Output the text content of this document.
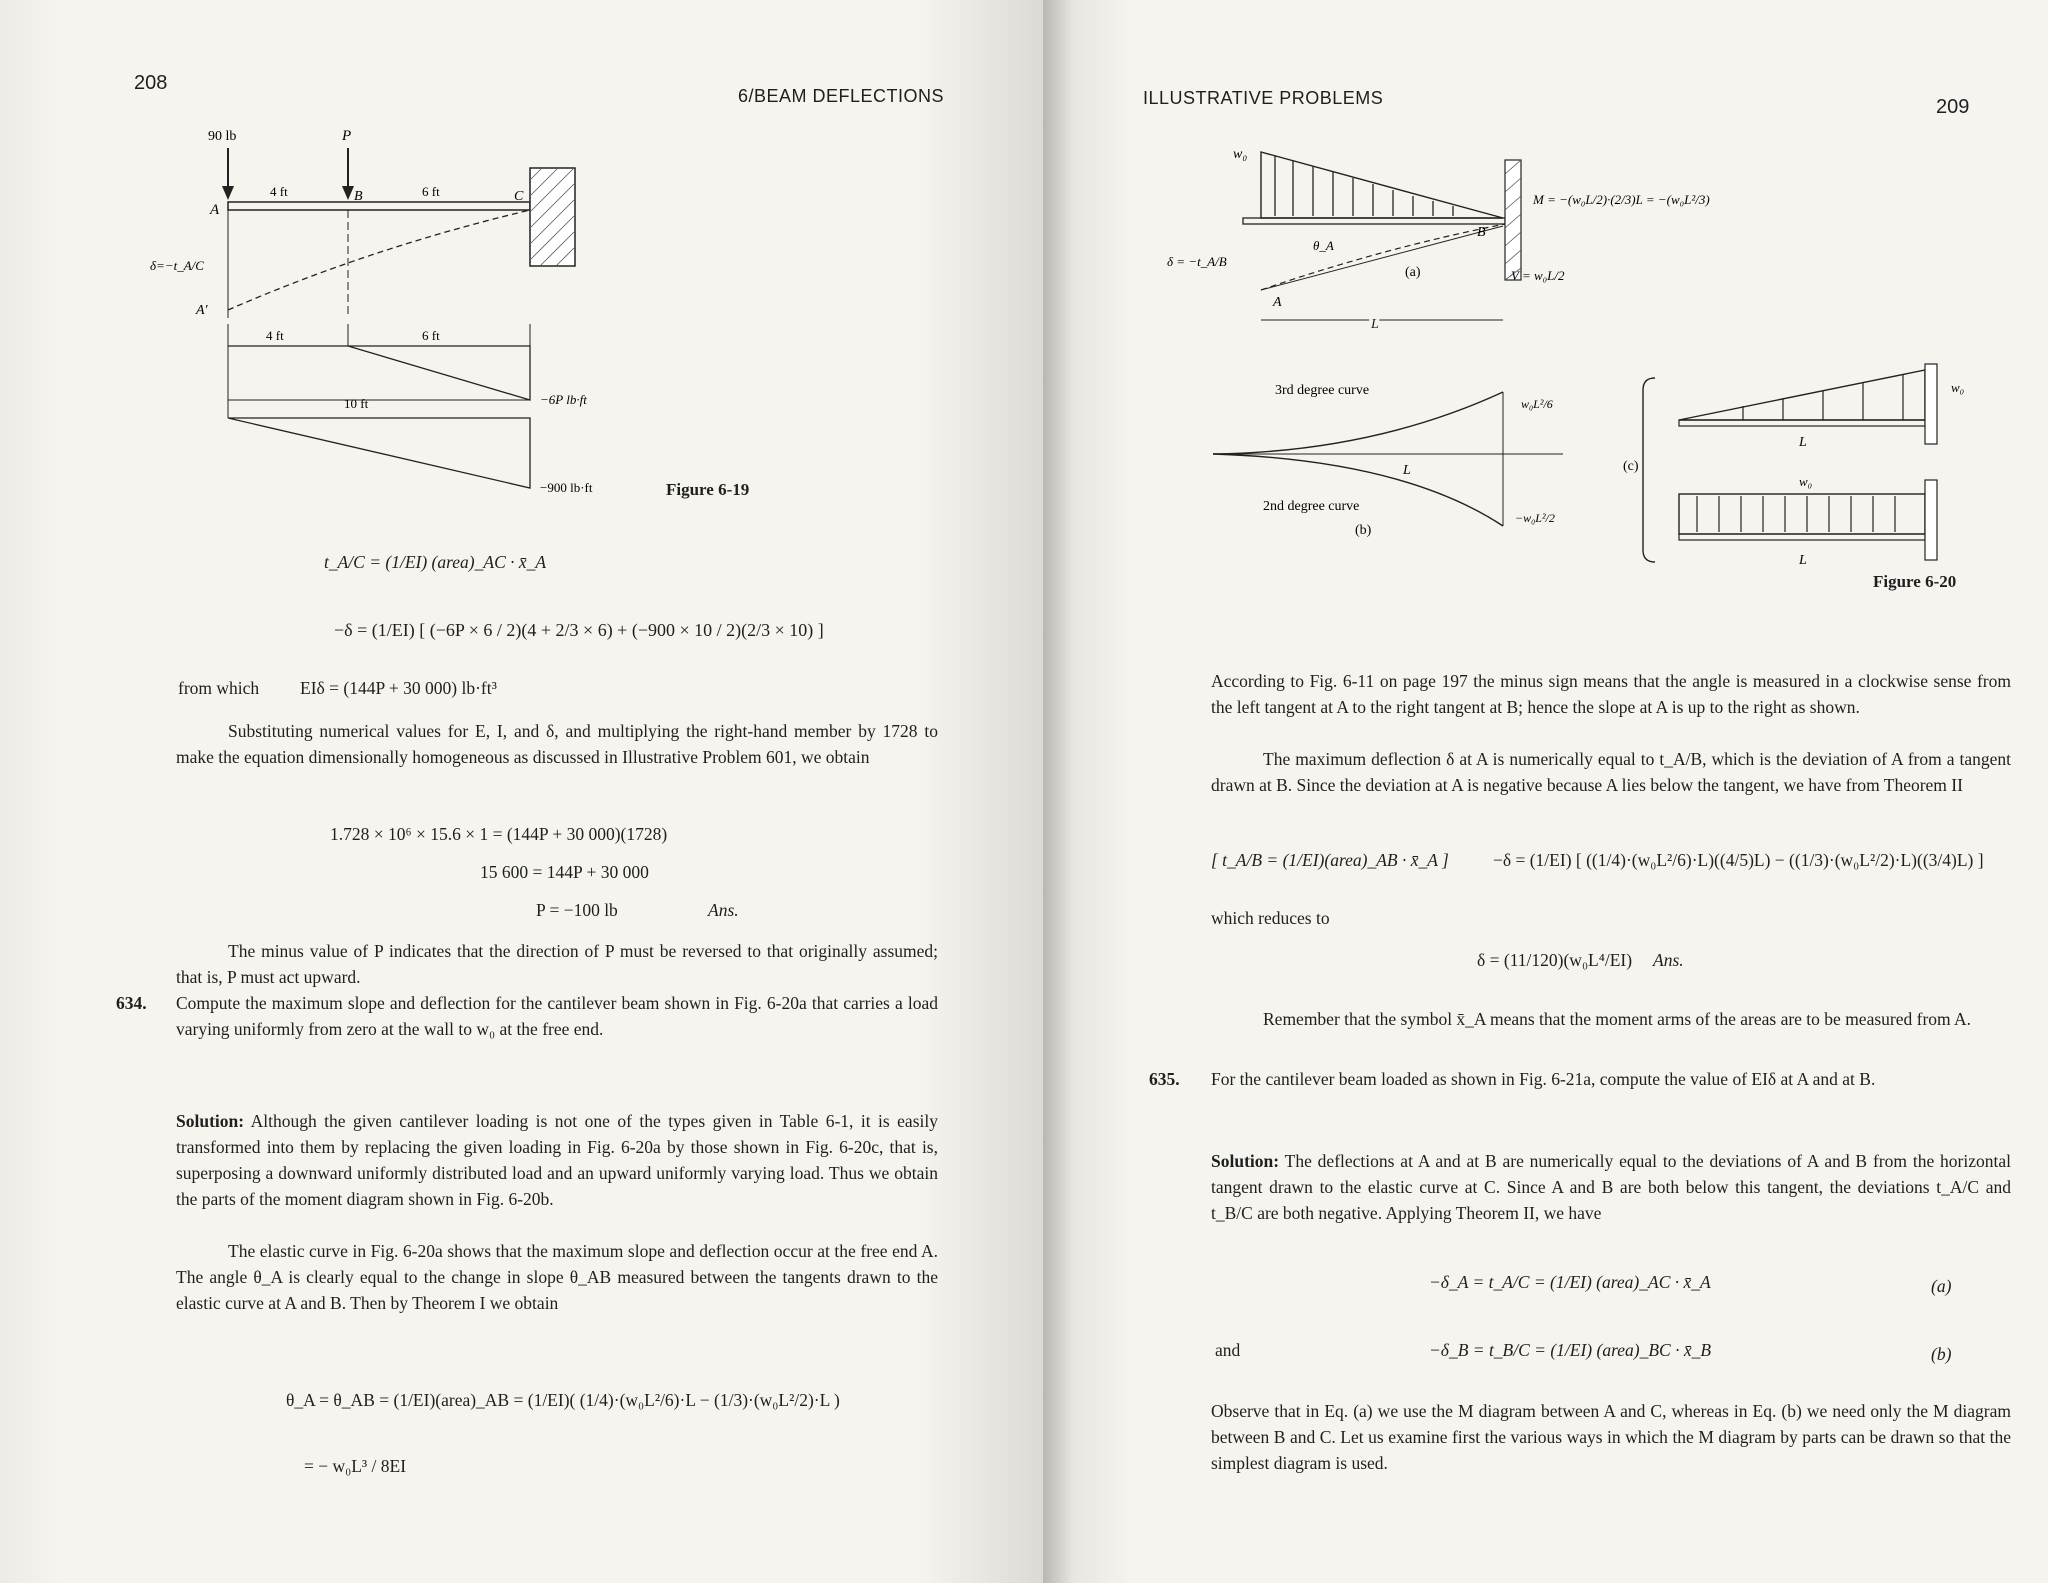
208
6/BEAM DEFLECTIONS
90 lb	P
4 ft	6 ft
A
B	C
δ=−t_A/C
A′
4 ft	6 ft
−6P lb·ft
10 ft
−900 lb·ft	Figure 6-19
t_A/C = (1/EI) (area)_AC · x̄_A
−δ = (1/EI) [ (−6P × 6 / 2)(4 + 2/3 × 6) + (−900 × 10 / 2)(2/3 × 10) ]
from which EIδ = (144P + 30 000) lb·ft³
Substituting numerical values for E, I, and δ, and multiplying the right-hand member by 1728 to make the equation dimensionally homogeneous as discussed in Illustrative Problem 601, we obtain
1.728 × 10⁶ × 15.6 × 1 = (144P + 30 000)(1728)
15 600 = 144P + 30 000
P = −100 lb	Ans.
The minus value of P indicates that the direction of P must be reversed to that originally assumed; that is, P must act upward.
634. Compute the maximum slope and deflection for the cantilever beam shown in Fig. 6-20a that carries a load varying uniformly from zero at the wall to w₀ at the free end.
Solution: Although the given cantilever loading is not one of the types given in Table 6-1, it is easily transformed into them by replacing the given loading in Fig. 6-20a by those shown in Fig. 6-20c, that is, superposing a downward uniformly distributed load and an upward uniformly varying load. Thus we obtain the parts of the moment diagram shown in Fig. 6-20b.
The elastic curve in Fig. 6-20a shows that the maximum slope and deflection occur at the free end A. The angle θ_A is clearly equal to the change in slope θ_AB measured between the tangents drawn to the elastic curve at A and B. Then by Theorem I we obtain
θ_A = θ_AB = (1/EI)(area)_AB = (1/EI)( (1/4)·(w₀L²/6)·L − (1/3)·(w₀L²/2)·L )
= − w₀L³ / 8EI
ILLUSTRATIVE PROBLEMS	209
w₀
θ_A
B
(a)
δ = −t_A/B
A
L
M = −(w₀L/2)·(2/3)L = −(w₀L²/3)
V = w₀L/2
3rd degree curve
L
2nd degree curve
(b)
w₀L²/6
−w₀L²/2
(c)
w₀
L
w₀
L
Figure 6-20
According to Fig. 6-11 on page 197 the minus sign means that the angle is measured in a clockwise sense from the left tangent at A to the right tangent at B; hence the slope at A is up to the right as shown.
The maximum deflection δ at A is numerically equal to t_A/B, which is the deviation of A from a tangent drawn at B. Since the deviation at A is negative because A lies below the tangent, we have from Theorem II
[ t_A/B = (1/EI)(area)_AB · x̄_A ]	−δ = (1/EI) [ ((1/4)·(w₀L²/6)·L)((4/5)L) − ((1/3)·(w₀L²/2)·L)((3/4)L) ]
which reduces to
δ = (11/120)(w₀L⁴/EI) Ans.
Remember that the symbol x̄_A means that the moment arms of the areas are to be measured from A.
635. For the cantilever beam loaded as shown in Fig. 6-21a, compute the value of EIδ at A and at B.
Solution: The deflections at A and at B are numerically equal to the deviations of A and B from the horizontal tangent drawn to the elastic curve at C. Since A and B are both below this tangent, the deviations t_A/C and t_B/C are both negative. Applying Theorem II, we have
−δ_A = t_A/C = (1/EI) (area)_AC · x̄_A	(a)
and	−δ_B = t_B/C = (1/EI) (area)_BC · x̄_B	(b)
Observe that in Eq. (a) we use the M diagram between A and C, whereas in Eq. (b) we need only the M diagram between B and C. Let us examine first the various ways in which the M diagram by parts can be drawn so that the simplest diagram is used.
